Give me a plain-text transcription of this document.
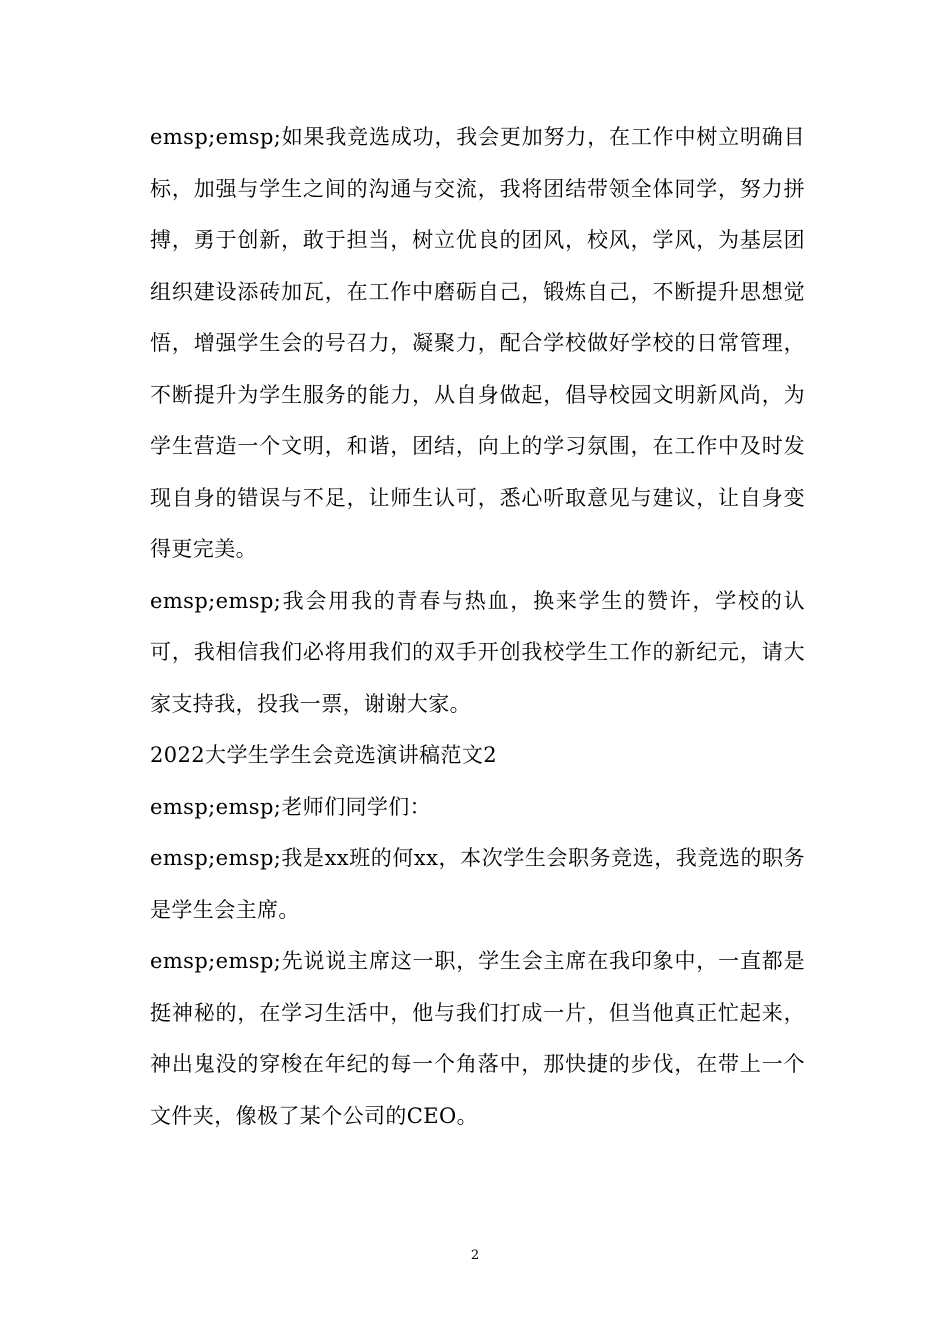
emsp;emsp;如果我竞选成功，我会更加努力，在工作中树立明确目标，加强与学生之间的沟通与交流，我将团结带领全体同学，努力拼搏，勇于创新，敢于担当，树立优良的团风，校风，学风，为基层团组织建设添砖加瓦，在工作中磨砺自己，锻炼自己，不断提升思想觉悟，增强学生会的号召力，凝聚力，配合学校做好学校的日常管理，不断提升为学生服务的能力，从自身做起，倡导校园文明新风尚，为学生营造一个文明，和谐，团结，向上的学习氛围，在工作中及时发现自身的错误与不足，让师生认可，悉心听取意见与建议，让自身变得更完美。

emsp;emsp;我会用我的青春与热血，换来学生的赞许，学校的认可，我相信我们必将用我们的双手开创我校学生工作的新纪元，请大家支持我，投我一票，谢谢大家。

2022大学生学生会竞选演讲稿范文2

emsp;emsp;老师们同学们：

emsp;emsp;我是xx班的何xx，本次学生会职务竞选，我竞选的职务是学生会主席。

emsp;emsp;先说说主席这一职，学生会主席在我印象中，一直都是挺神秘的，在学习生活中，他与我们打成一片，但当他真正忙起来，神出鬼没的穿梭在年纪的每一个角落中，那快捷的步伐，在带上一个文件夹，像极了某个公司的CEO。

2
